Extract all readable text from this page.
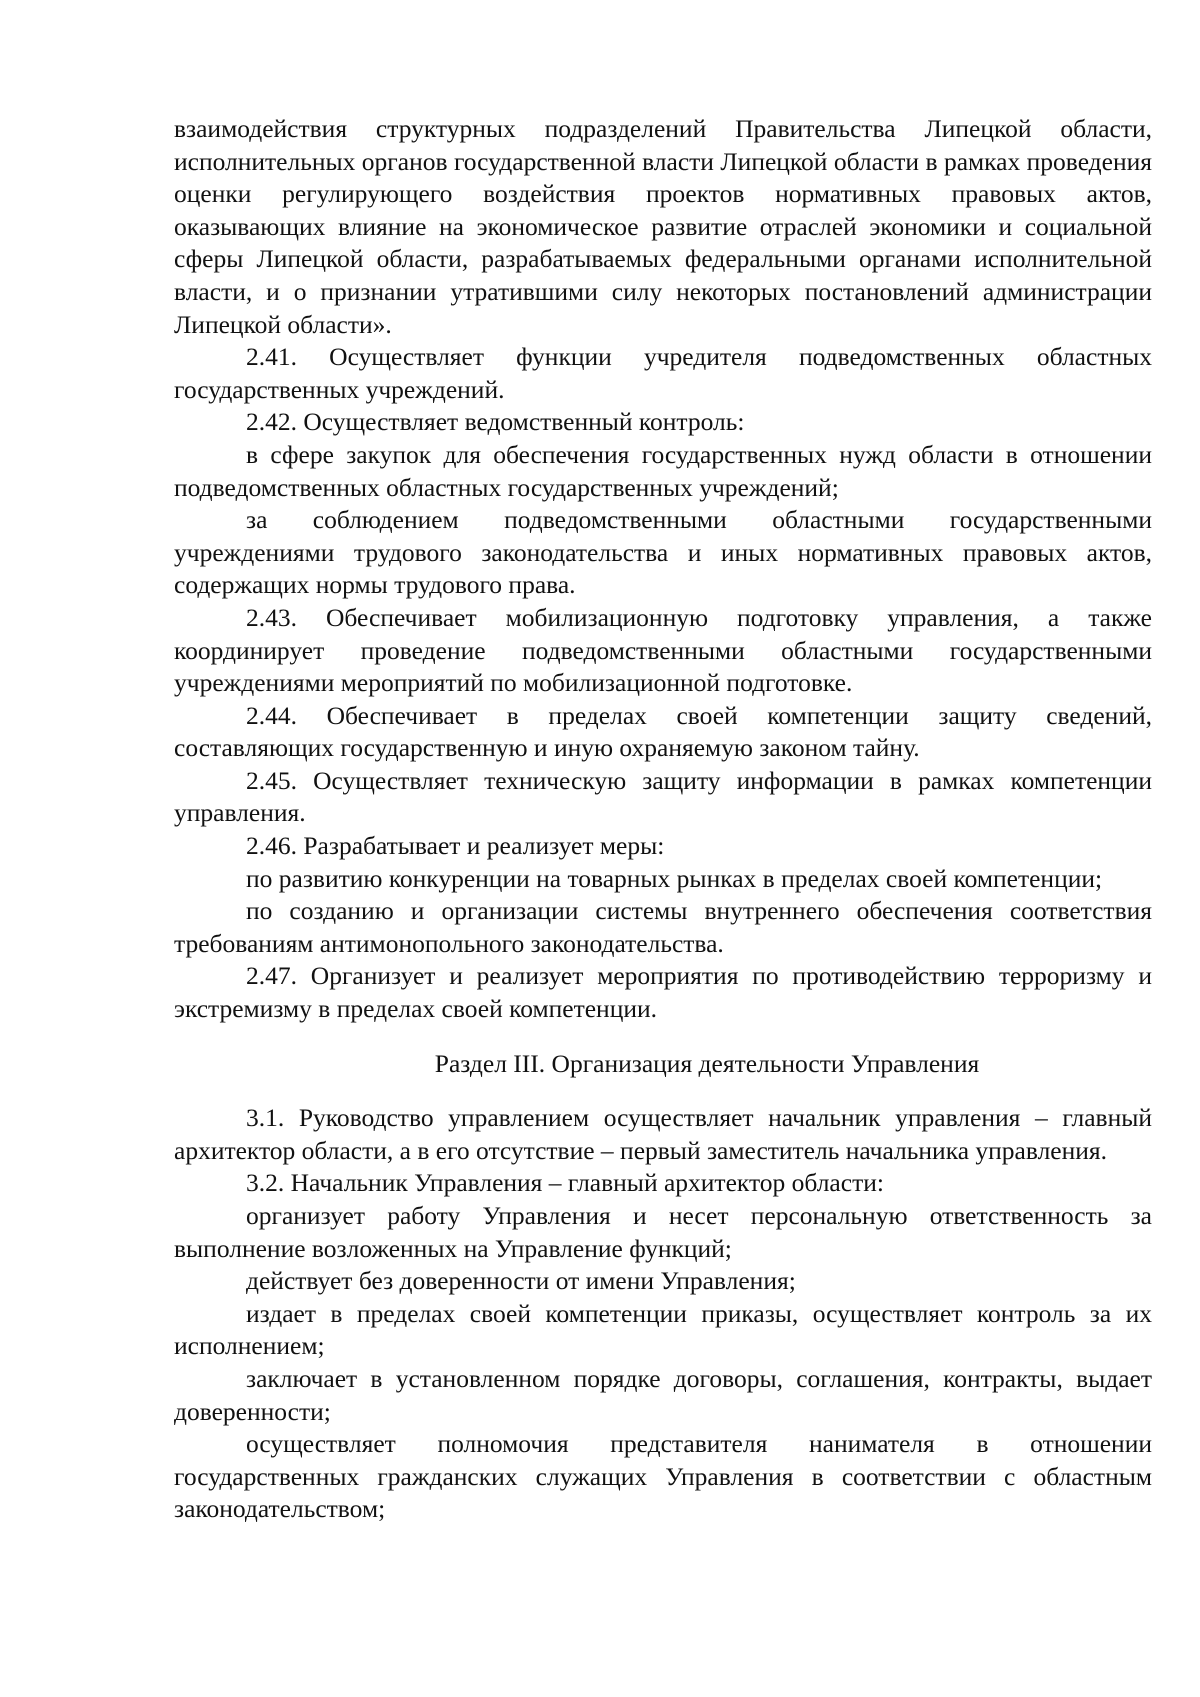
взаимодействия структурных подразделений Правительства Липецкой области, исполнительных органов государственной власти Липецкой области в рамках проведения оценки регулирующего воздействия проектов нормативных правовых актов, оказывающих влияние на экономическое развитие отраслей экономики и социальной сферы Липецкой области, разрабатываемых федеральными органами исполнительной власти, и о признании утратившими силу некоторых постановлений администрации Липецкой области».

2.41. Осуществляет функции учредителя подведомственных областных государственных учреждений.

2.42. Осуществляет ведомственный контроль:

в сфере закупок для обеспечения государственных нужд области в отношении подведомственных областных государственных учреждений;

за соблюдением подведомственными областными государственными учреждениями трудового законодательства и иных нормативных правовых актов, содержащих нормы трудового права.

2.43. Обеспечивает мобилизационную подготовку управления, а также координирует проведение подведомственными областными государственными учреждениями мероприятий по мобилизационной подготовке.

2.44. Обеспечивает в пределах своей компетенции защиту сведений, составляющих государственную и иную охраняемую законом тайну.

2.45. Осуществляет техническую защиту информации в рамках компетенции управления.

2.46. Разрабатывает и реализует меры:

по развитию конкуренции на товарных рынках в пределах своей компетенции;

по созданию и организации системы внутреннего обеспечения соответствия требованиям антимонопольного законодательства.

2.47. Организует и реализует мероприятия по противодействию терроризму и экстремизму в пределах своей компетенции.

Раздел III. Организация деятельности Управления

3.1. Руководство управлением осуществляет начальник управления – главный архитектор области, а в его отсутствие – первый заместитель начальника управления.

3.2. Начальник Управления – главный архитектор области:

организует работу Управления и несет персональную ответственность за выполнение возложенных на Управление функций;

действует без доверенности от имени Управления;

издает в пределах своей компетенции приказы, осуществляет контроль за их исполнением;

заключает в установленном порядке договоры, соглашения, контракты, выдает доверенности;

осуществляет полномочия представителя нанимателя в отношении государственных гражданских служащих Управления в соответствии с областным законодательством;
